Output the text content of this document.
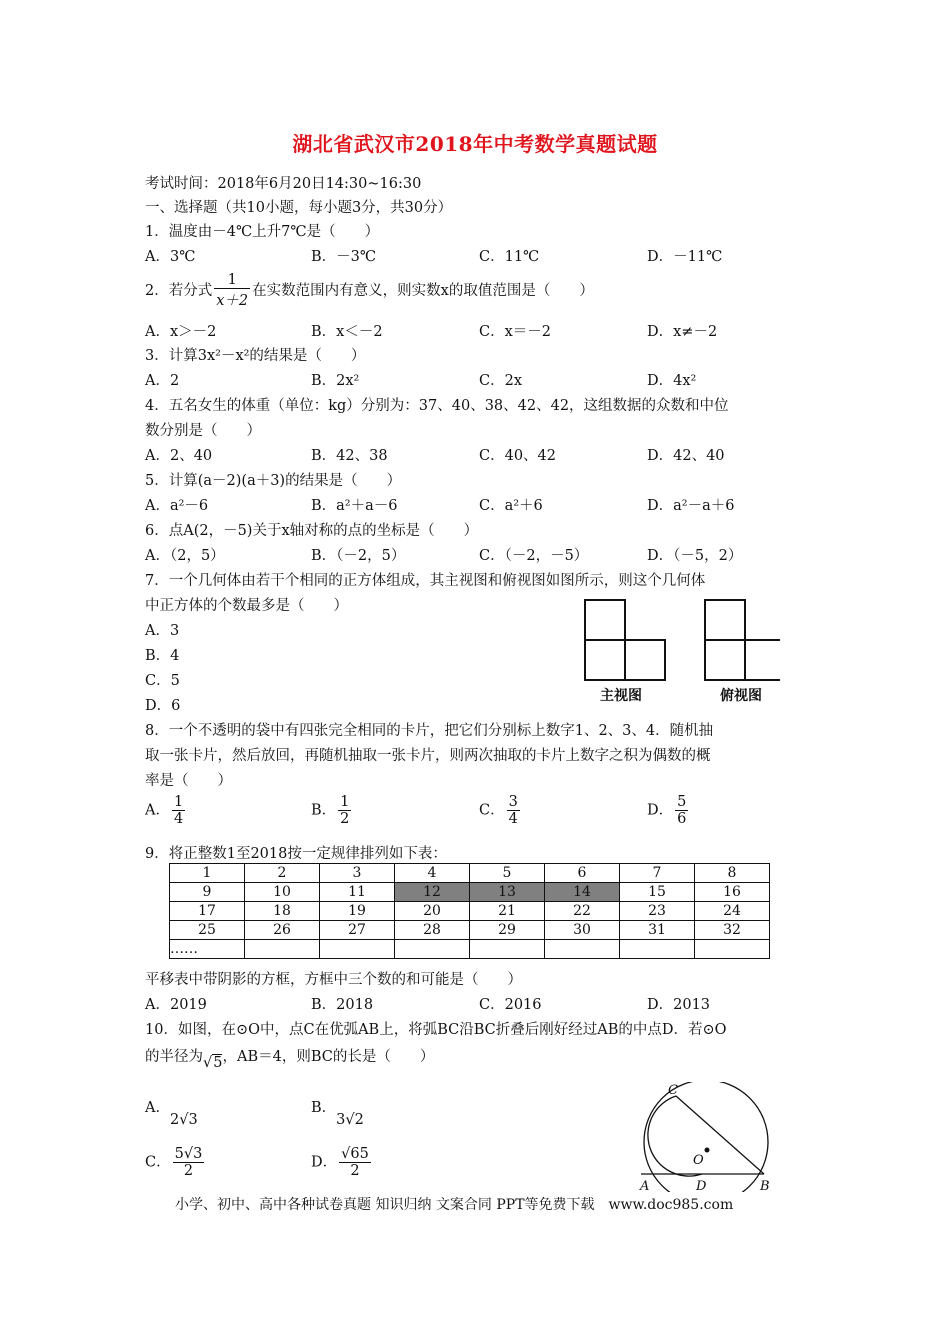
湖北省武汉市2018年中考数学真题试题
考试时间：2018年6月20日14:30~16:30
一、选择题（共10小题，每小题3分，共30分）
1．温度由－4℃上升7℃是（　　）
A．3℃	B．－3℃	C．11℃	D．－11℃
2．若分式 $\frac{1}{x+2}$ 在实数范围内有意义，则实数x的取值范围是（　　）
A．x＞－2	B．x＜－2	C．x＝－2	D．x≠－2
3．计算3x²－x²的结果是（　　）
A．2	B．2x²	C．2x	D．4x²
4．五名女生的体重（单位：kg）分别为：37、40、38、42、42，这组数据的众数和中位
数分别是（　　）
A．2、40	B．42、38	C．40、42	D．42、40
5．计算(a－2)(a＋3)的结果是（　　）
A．a²－6	B．a²＋a－6	C．a²＋6	D．a²－a＋6
6．点A(2，－5)关于x轴对称的点的坐标是（　　）
A．（2，5）	B．（－2，5）	C．（－2，－5）	D．（－5，2）
7．一个几何体由若干个相同的正方体组成，其主视图和俯视图如图所示，则这个几何体
中正方体的个数最多是（　　）
A．3
B．4
C．5
D．6
主视图	俯视图
8．一个不透明的袋中有四张完全相同的卡片，把它们分别标上数字1、2、3、4．随机抽
取一张卡片，然后放回，再随机抽取一张卡片，则两次抽取的卡片上数字之积为偶数的概
率是（　　）
A． $\frac{1}{4}$	B． $\frac{1}{2}$	C． $\frac{3}{4}$	D． $\frac{5}{6}$
9．将正整数1至2018按一定规律排列如下表：
1	2	3	4	5	6	7	8
9	10	11	12	13	14	15	16
17	18	19	20	21	22	23	24
25	26	27	28	29	30	31	32
……							
平移表中带阴影的方框，方框中三个数的和可能是（　　）
A．2019	B．2018	C．2016	D．2013
10．如图，在⊙O中，点C在优弧AB上，将弧BC沿BC折叠后刚好经过AB的中点D．若⊙O
的半径为√5，AB＝4，则BC的长是（　　）
A．2√3
B．3√2
C． $\frac{5√3}{2}$	D． $\frac{√65}{2}$
C
O
A	D	B
小学、初中、高中各种试卷真题 知识归纳 文案合同 PPT等免费下载　www.doc985.com
